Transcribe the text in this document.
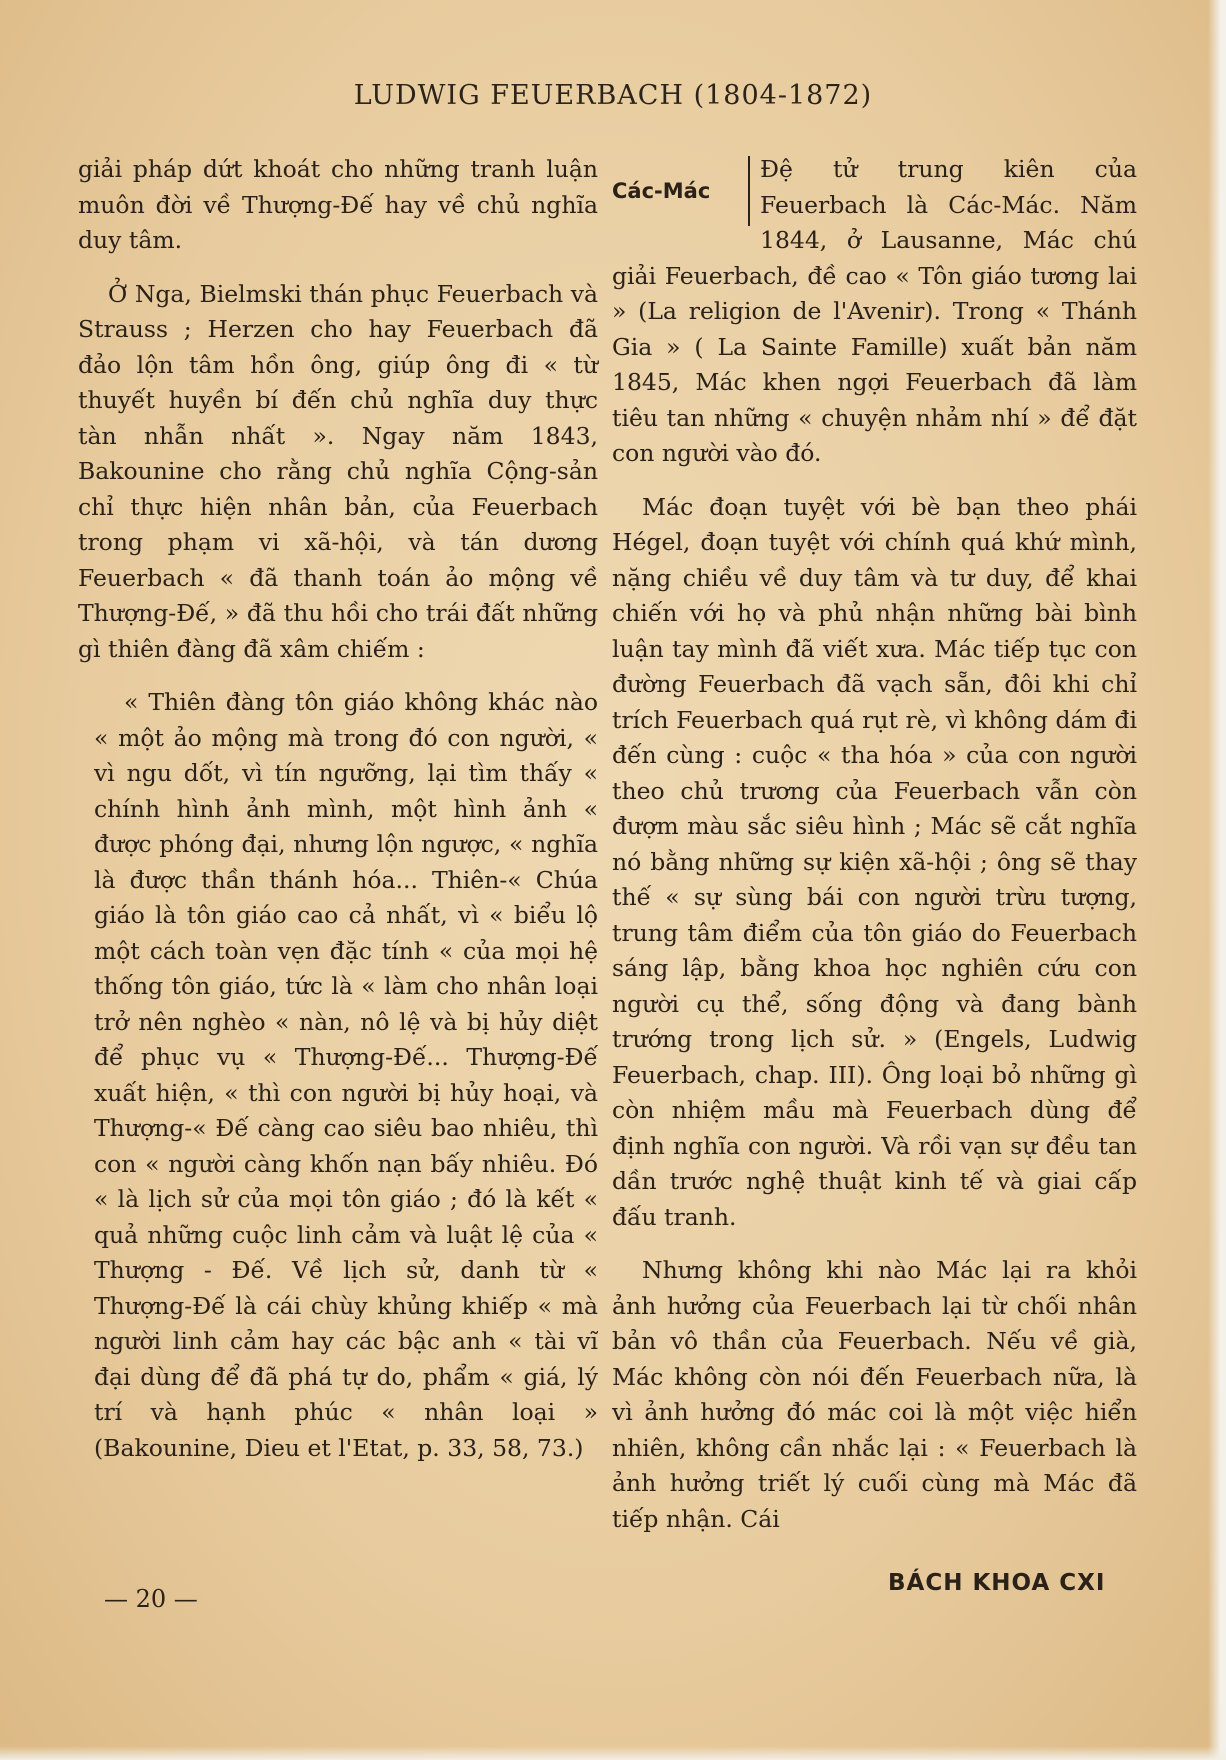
LUDWIG FEUERBACH (1804-1872)

giải pháp dứt khoát cho những tranh luận muôn đời về Thượng-Đế hay về chủ nghĩa duy tâm.

Ở Nga, Bielmski thán phục Feuerbach và Strauss ; Herzen cho hay Feuerbach đã đảo lộn tâm hồn ông, giúp ông đi « từ thuyết huyền bí đến chủ nghĩa duy thực tàn nhẫn nhất ». Ngay năm 1843, Bakounine cho rằng chủ nghĩa Cộng-sản chỉ thực hiện nhân bản, của Feuerbach trong phạm vi xã-hội, và tán dương Feuerbach « đã thanh toán ảo mộng về Thượng-Đế, » đã thu hồi cho trái đất những gì thiên đàng đã xâm chiếm :

« Thiên đàng tôn giáo không khác nào « một ảo mộng mà trong đó con người, « vì ngu dốt, vì tín ngưỡng, lại tìm thấy « chính hình ảnh mình, một hình ảnh « được phóng đại, nhưng lộn ngược, « nghĩa là được thần thánh hóa... Thiên-« Chúa giáo là tôn giáo cao cả nhất, vì « biểu lộ một cách toàn vẹn đặc tính « của mọi hệ thống tôn giáo, tức là « làm cho nhân loại trở nên nghèo « nàn, nô lệ và bị hủy diệt để phục vụ « Thượng-Đế... Thượng-Đế xuất hiện, « thì con người bị hủy hoại, và Thượng-« Đế càng cao siêu bao nhiêu, thì con « người càng khốn nạn bấy nhiêu. Đó « là lịch sử của mọi tôn giáo ; đó là kết « quả những cuộc linh cảm và luật lệ của « Thượng - Đế. Về lịch sử, danh từ « Thượng-Đế là cái chùy khủng khiếp « mà người linh cảm hay các bậc anh « tài vĩ đại dùng để đã phá tự do, phẩm « giá, lý trí và hạnh phúc « nhân loại » (Bakounine, Dieu et l'Etat, p. 33, 58, 73.)

Các-Mác

Đệ tử trung kiên của Feuerbach là Các-Mác. Năm 1844, ở Lausanne, Mác chú giải Feuerbach, đề cao « Tôn giáo tương lai » (La religion de l'Avenir). Trong « Thánh Gia » ( La Sainte Famille) xuất bản năm 1845, Mác khen ngợi Feuerbach đã làm tiêu tan những « chuyện nhảm nhí » để đặt con người vào đó.

Mác đoạn tuyệt với bè bạn theo phái Hégel, đoạn tuyệt với chính quá khứ mình, nặng chiều về duy tâm và tư duy, để khai chiến với họ và phủ nhận những bài bình luận tay mình đã viết xưa. Mác tiếp tục con đường Feuerbach đã vạch sẵn, đôi khi chỉ trích Feuerbach quá rụt rè, vì không dám đi đến cùng : cuộc « tha hóa » của con người theo chủ trương của Feuerbach vẫn còn đượm màu sắc siêu hình ; Mác sẽ cắt nghĩa nó bằng những sự kiện xã-hội ; ông sẽ thay thế « sự sùng bái con người trừu tượng, trung tâm điểm của tôn giáo do Feuerbach sáng lập, bằng khoa học nghiên cứu con người cụ thể, sống động và đang bành trướng trong lịch sử. » (Engels, Ludwig Feuerbach, chap. III). Ông loại bỏ những gì còn nhiệm mầu mà Feuerbach dùng để định nghĩa con người. Và rồi vạn sự đều tan dần trước nghệ thuật kinh tế và giai cấp đấu tranh.

Nhưng không khi nào Mác lại ra khỏi ảnh hưởng của Feuerbach lại từ chối nhân bản vô thần của Feuerbach. Nếu về già, Mác không còn nói đến Feuerbach nữa, là vì ảnh hưởng đó mác coi là một việc hiển nhiên, không cần nhắc lại : « Feuerbach là ảnh hưởng triết lý cuối cùng mà Mác đã tiếp nhận. Cái

— 20 —
BÁCH KHOA CXI
